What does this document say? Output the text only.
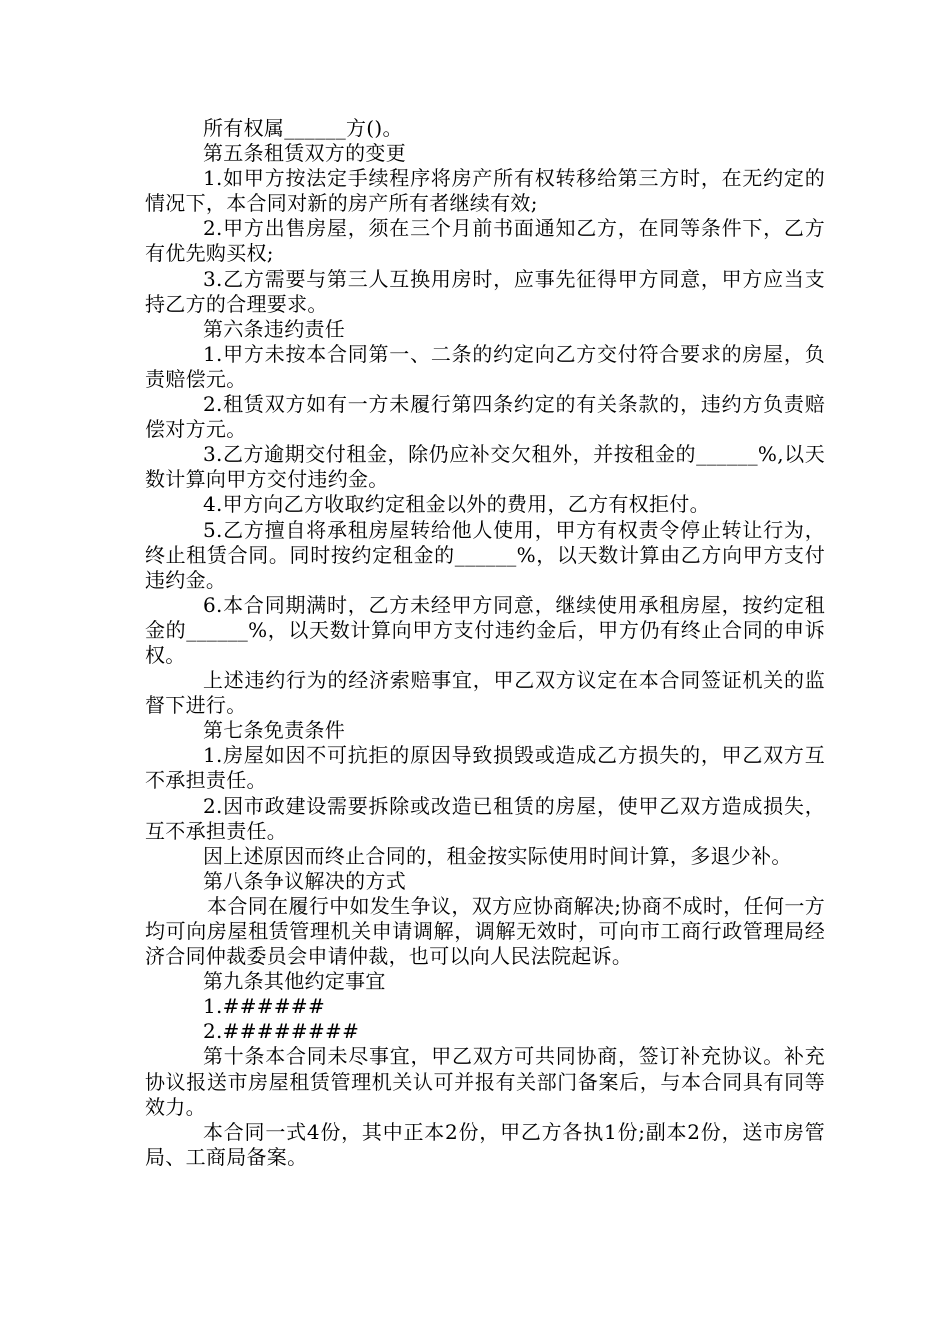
所有权属______方()。

第五条租赁双方的变更

1.如甲方按法定手续程序将房产所有权转移给第三方时，在无约定的情况下，本合同对新的房产所有者继续有效;

2.甲方出售房屋，须在三个月前书面通知乙方，在同等条件下，乙方有优先购买权;

3.乙方需要与第三人互换用房时，应事先征得甲方同意，甲方应当支持乙方的合理要求。

第六条违约责任

1.甲方未按本合同第一、二条的约定向乙方交付符合要求的房屋，负责赔偿元。

2.租赁双方如有一方未履行第四条约定的有关条款的，违约方负责赔偿对方元。

3.乙方逾期交付租金，除仍应补交欠租外，并按租金的______%,以天数计算向甲方交付违约金。

4.甲方向乙方收取约定租金以外的费用，乙方有权拒付。

5.乙方擅自将承租房屋转给他人使用，甲方有权责令停止转让行为，终止租赁合同。同时按约定租金的______%，以天数计算由乙方向甲方支付违约金。

6.本合同期满时，乙方未经甲方同意，继续使用承租房屋，按约定租金的______%，以天数计算向甲方支付违约金后，甲方仍有终止合同的申诉权。

上述违约行为的经济索赔事宜，甲乙双方议定在本合同签证机关的监督下进行。

第七条免责条件

1.房屋如因不可抗拒的原因导致损毁或造成乙方损失的，甲乙双方互不承担责任。

2.因市政建设需要拆除或改造已租赁的房屋，使甲乙双方造成损失，互不承担责任。

因上述原因而终止合同的，租金按实际使用时间计算，多退少补。

第八条争议解决的方式

本合同在履行中如发生争议，双方应协商解决;协商不成时，任何一方均可向房屋租赁管理机关申请调解，调解无效时，可向市工商行政管理局经济合同仲裁委员会申请仲裁，也可以向人民法院起诉。

第九条其他约定事宜

1.######

2.########

第十条本合同未尽事宜，甲乙双方可共同协商，签订补充协议。补充协议报送市房屋租赁管理机关认可并报有关部门备案后，与本合同具有同等效力。

本合同一式4份，其中正本2份，甲乙方各执1份;副本2份，送市房管局、工商局备案。
